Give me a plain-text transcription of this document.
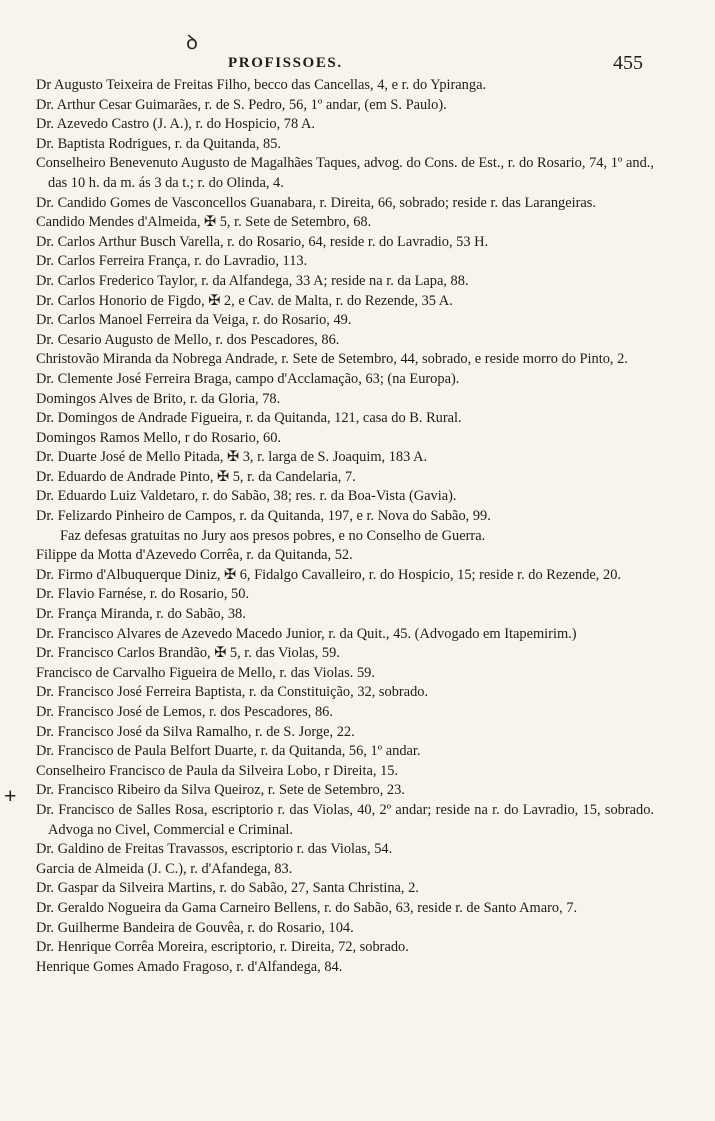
ꝺ
PROFISSOES.	455
+
Dr Augusto Teixeira de Freitas Filho, becco das Cancellas, 4, e r. do Ypiranga.
Dr. Arthur Cesar Guimarães, r. de S. Pedro, 56, 1º andar, (em S. Paulo).
Dr. Azevedo Castro (J. A.), r. do Hospicio, 78 A.
Dr. Baptista Rodrigues, r. da Quitanda, 85.
Conselheiro Benevenuto Augusto de Magalhães Taques, advog. do Cons. de Est., r. do Rosario, 74, 1º and., das 10 h. da m. ás 3 da t.; r. do Olinda, 4.
Dr. Candido Gomes de Vasconcellos Guanabara, r. Direita, 66, sobrado; reside r. das Larangeiras.
Candido Mendes d'Almeida, ✠ 5, r. Sete de Setembro, 68.
Dr. Carlos Arthur Busch Varella, r. do Rosario, 64, reside r. do Lavradio, 53 H.
Dr. Carlos Ferreira França, r. do Lavradio, 113.
Dr. Carlos Frederico Taylor, r. da Alfandega, 33 A; reside na r. da Lapa, 88.
Dr. Carlos Honorio de Figdo, ✠ 2, e Cav. de Malta, r. do Rezende, 35 A.
Dr. Carlos Manoel Ferreira da Veiga, r. do Rosario, 49.
Dr. Cesario Augusto de Mello, r. dos Pescadores, 86.
Christovão Miranda da Nobrega Andrade, r. Sete de Setembro, 44, sobrado, e reside morro do Pinto, 2.
Dr. Clemente José Ferreira Braga, campo d'Acclamação, 63; (na Europa).
Domingos Alves de Brito, r. da Gloria, 78.
Dr. Domingos de Andrade Figueira, r. da Quitanda, 121, casa do B. Rural.
Domingos Ramos Mello, r do Rosario, 60.
Dr. Duarte José de Mello Pitada, ✠ 3, r. larga de S. Joaquim, 183 A.
Dr. Eduardo de Andrade Pinto, ✠ 5, r. da Candelaria, 7.
Dr. Eduardo Luiz Valdetaro, r. do Sabão, 38; res. r. da Boa-Vista (Gavia).
Dr. Felizardo Pinheiro de Campos, r. da Quitanda, 197, e r. Nova do Sabão, 99.
Faz defesas gratuitas no Jury aos presos pobres, e no Conselho de Guerra.
Filippe da Motta d'Azevedo Corrêa, r. da Quitanda, 52.
Dr. Firmo d'Albuquerque Diniz, ✠ 6, Fidalgo Cavalleiro, r. do Hospicio, 15; reside r. do Rezende, 20.
Dr. Flavio Farnése, r. do Rosario, 50.
Dr. França Miranda, r. do Sabão, 38.
Dr. Francisco Alvares de Azevedo Macedo Junior, r. da Quit., 45. (Advogado em Itapemirim.)
Dr. Francisco Carlos Brandão, ✠ 5, r. das Violas, 59.
Francisco de Carvalho Figueira de Mello, r. das Violas. 59.
Dr. Francisco José Ferreira Baptista, r. da Constituição, 32, sobrado.
Dr. Francisco José de Lemos, r. dos Pescadores, 86.
Dr. Francisco José da Silva Ramalho, r. de S. Jorge, 22.
Dr. Francisco de Paula Belfort Duarte, r. da Quitanda, 56, 1º andar.
Conselheiro Francisco de Paula da Silveira Lobo, r Direita, 15.
Dr. Francisco Ribeiro da Silva Queiroz, r. Sete de Setembro, 23.
Dr. Francisco de Salles Rosa, escriptorio r. das Violas, 40, 2º andar; reside na r. do Lavradio, 15, sobrado. Advoga no Civel, Commercial e Criminal.
Dr. Galdino de Freitas Travassos, escriptorio r. das Violas, 54.
Garcia de Almeida (J. C.), r. d'Afandega, 83.
Dr. Gaspar da Silveira Martins, r. do Sabão, 27, Santa Christina, 2.
Dr. Geraldo Nogueira da Gama Carneiro Bellens, r. do Sabão, 63, reside r. de Santo Amaro, 7.
Dr. Guilherme Bandeira de Gouvêa, r. do Rosario, 104.
Dr. Henrique Corrêa Moreira, escriptorio, r. Direita, 72, sobrado.
Henrique Gomes Amado Fragoso, r. d'Alfandega, 84.
